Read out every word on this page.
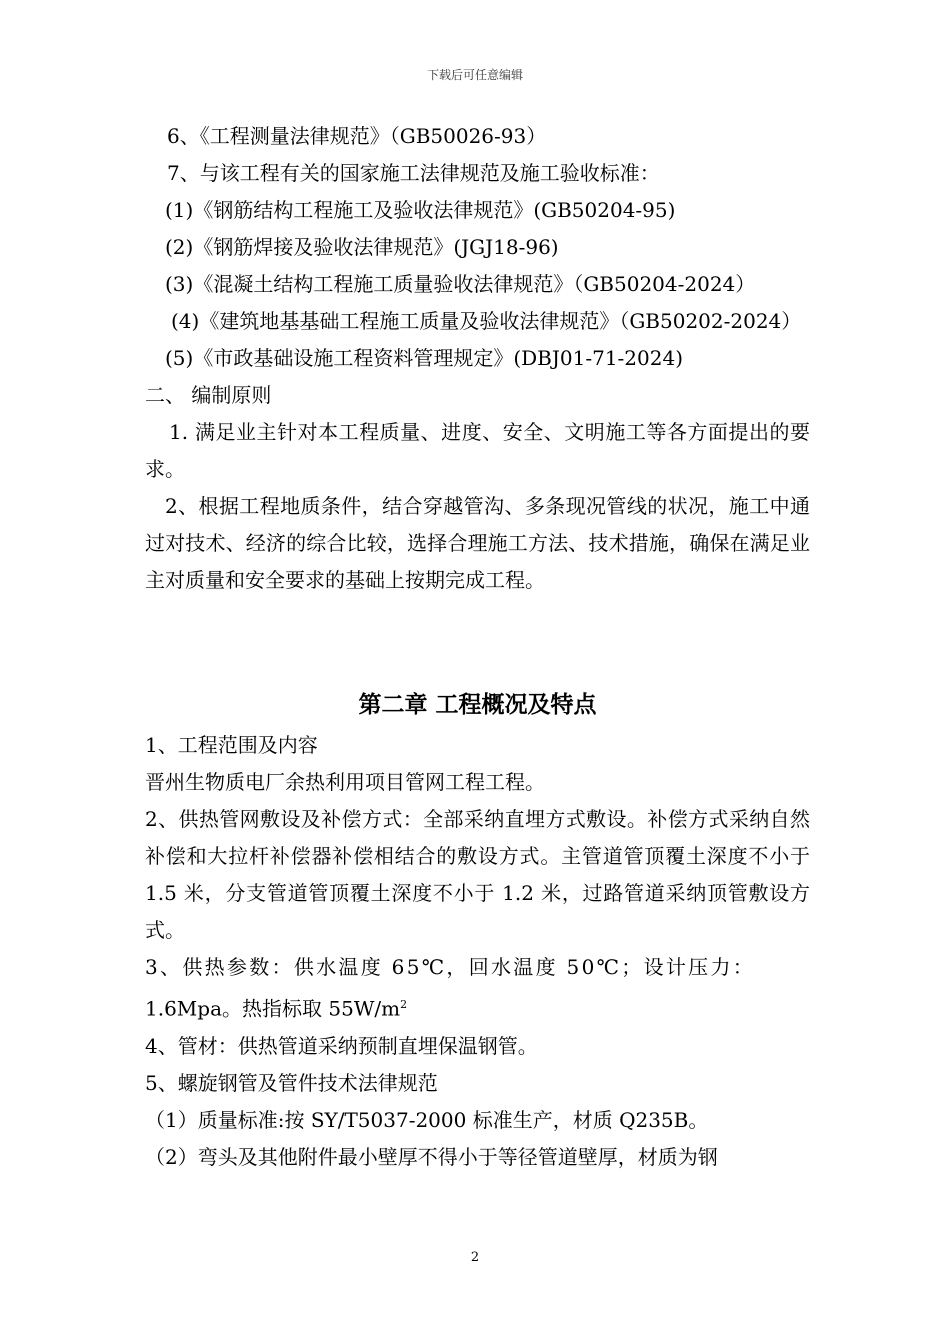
下载后可任意编辑
6、《工程测量法律规范》（GB50026-93）
7、与该工程有关的国家施工法律规范及施工验收标准：
(1)《钢筋结构工程施工及验收法律规范》(GB50204-95)
(2)《钢筋焊接及验收法律规范》(JGJ18-96)
(3)《混凝土结构工程施工质量验收法律规范》（GB50204-2024）
(4)《建筑地基基础工程施工质量及验收法律规范》（GB50202-2024）
(5)《市政基础设施工程资料管理规定》(DBJ01-71-2024)
二、 编制原则
1. 满足业主针对本工程质量、进度、安全、文明施工等各方面提出的要求。
2、根据工程地质条件，结合穿越管沟、多条现况管线的状况，施工中通过对技术、经济的综合比较，选择合理施工方法、技术措施，确保在满足业主对质量和安全要求的基础上按期完成工程。
第二章 工程概况及特点
1、工程范围及内容
晋州生物质电厂余热利用项目管网工程工程。
2、供热管网敷设及补偿方式：全部采纳直埋方式敷设。补偿方式采纳自然补偿和大拉杆补偿器补偿相结合的敷设方式。主管道管顶覆土深度不小于 1.5 米，分支管道管顶覆土深度不小于 1.2 米，过路管道采纳顶管敷设方式。
3、供热参数：供水温度 65℃，回水温度 50℃；设计压力：
1.6Mpa。热指标取 $55W/m^2$
4、管材：供热管道采纳预制直埋保温钢管。
5、螺旋钢管及管件技术法律规范
（1）质量标准:按 SY/T5037-2000 标准生产，材质 Q235B。
（2）弯头及其他附件最小壁厚不得小于等径管道壁厚，材质为钢
2
